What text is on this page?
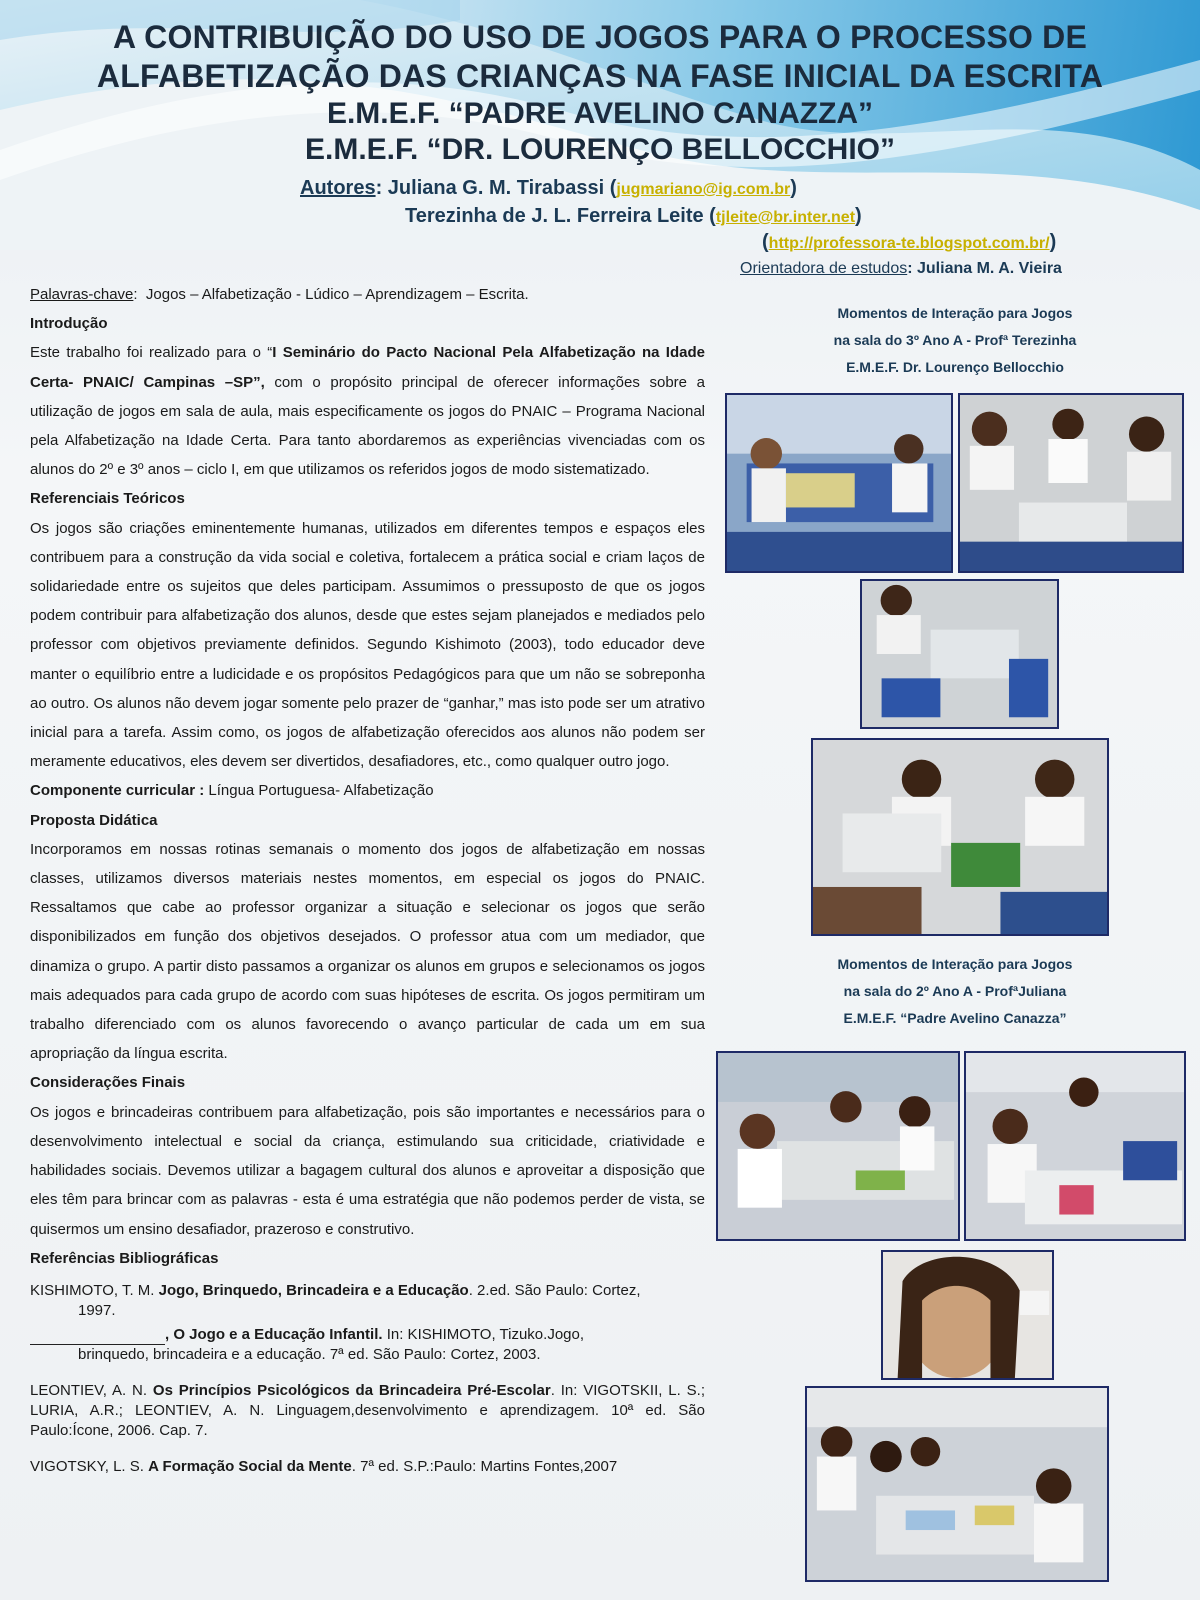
A CONTRIBUIÇÃO DO USO DE JOGOS PARA O PROCESSO DE
ALFABETIZAÇÃO DAS CRIANÇAS NA FASE INICIAL DA ESCRITA
E.M.E.F. “PADRE AVELINO CANAZZA”
E.M.E.F. “DR. LOURENÇO BELLOCCHIO”
Autores: Juliana G. M. Tirabassi (jugmariano@ig.com.br)
Terezinha de J. L. Ferreira Leite (tjleite@br.inter.net)
(http://professora-te.blogspot.com.br/)
Orientadora de estudos: Juliana M. A. Vieira

Palavras-chave:  Jogos – Alfabetização - Lúdico – Aprendizagem – Escrita.

Introdução

Este trabalho foi realizado para o “I Seminário do Pacto Nacional Pela Alfabetização na Idade Certa- PNAIC/ Campinas –SP”, com o propósito principal de oferecer informações sobre a utilização de jogos em sala de aula, mais especificamente os jogos do PNAIC – Programa Nacional pela Alfabetização na Idade Certa. Para tanto abordaremos as experiências vivenciadas com os alunos do 2º e 3º anos – ciclo I, em que utilizamos os referidos jogos de modo sistematizado.

Referenciais Teóricos

Os jogos são criações eminentemente humanas, utilizados em diferentes tempos e espaços eles contribuem para a construção da vida social e coletiva, fortalecem a prática social e criam laços de solidariedade entre os sujeitos que deles participam. Assumimos o pressuposto de que os jogos podem contribuir para alfabetização dos alunos, desde que estes sejam planejados e mediados pelo professor com objetivos previamente definidos. Segundo Kishimoto (2003), todo educador deve manter o equilíbrio entre a ludicidade e os propósitos Pedagógicos para que um não se sobreponha ao outro. Os alunos não devem jogar somente pelo prazer de “ganhar,” mas isto pode ser um atrativo inicial para a tarefa. Assim como, os jogos de alfabetização oferecidos aos alunos não podem ser meramente educativos, eles devem ser divertidos, desafiadores, etc., como qualquer outro jogo.

Componente curricular : Língua Portuguesa- Alfabetização

Proposta Didática

Incorporamos em nossas rotinas semanais o momento dos jogos de alfabetização em nossas classes, utilizamos diversos materiais nestes momentos, em especial os jogos do PNAIC. Ressaltamos que cabe ao professor organizar a situação e selecionar os jogos que serão disponibilizados em função dos objetivos desejados. O professor atua com um mediador, que dinamiza o grupo. A partir disto passamos a organizar os alunos em grupos e selecionamos os jogos mais adequados para cada grupo de acordo com suas hipóteses de escrita. Os jogos permitiram um trabalho diferenciado com os alunos favorecendo o avanço particular de cada um em sua apropriação da língua escrita.

Considerações Finais

Os jogos e brincadeiras contribuem para alfabetização, pois são importantes e necessários para o desenvolvimento intelectual e social da criança, estimulando sua criticidade, criatividade e habilidades sociais. Devemos utilizar a bagagem cultural dos alunos e aproveitar a disposição que eles têm para brincar com as palavras - esta é uma estratégia que não podemos perder de vista, se quisermos um ensino desafiador, prazeroso e construtivo.

Referências Bibliográficas

KISHIMOTO, T. M. Jogo, Brinquedo, Brincadeira e a Educação. 2.ed. São Paulo: Cortez,
1997.
, O Jogo e a Educação Infantil. In: KISHIMOTO, Tizuko.Jogo,
brinquedo, brincadeira e a educação. 7ª ed. São Paulo: Cortez, 2003.
LEONTIEV, A. N. Os Princípios Psicológicos da Brincadeira Pré-Escolar. In: VIGOTSKII, L. S.; LURIA, A.R.; LEONTIEV, A. N. Linguagem,desenvolvimento e aprendizagem. 10ª ed. São Paulo:Ícone, 2006. Cap. 7.
VIGOTSKY, L. S. A Formação Social da Mente. 7ª ed. S.P.:Paulo: Martins Fontes,2007
Momentos de Interação para Jogos
na sala do 3º Ano A - Profª Terezinha
E.M.E.F. Dr. Lourenço Bellocchio
Momentos de Interação para Jogos
na sala do 2º Ano A - ProfªJuliana
E.M.E.F. “Padre Avelino Canazza”
